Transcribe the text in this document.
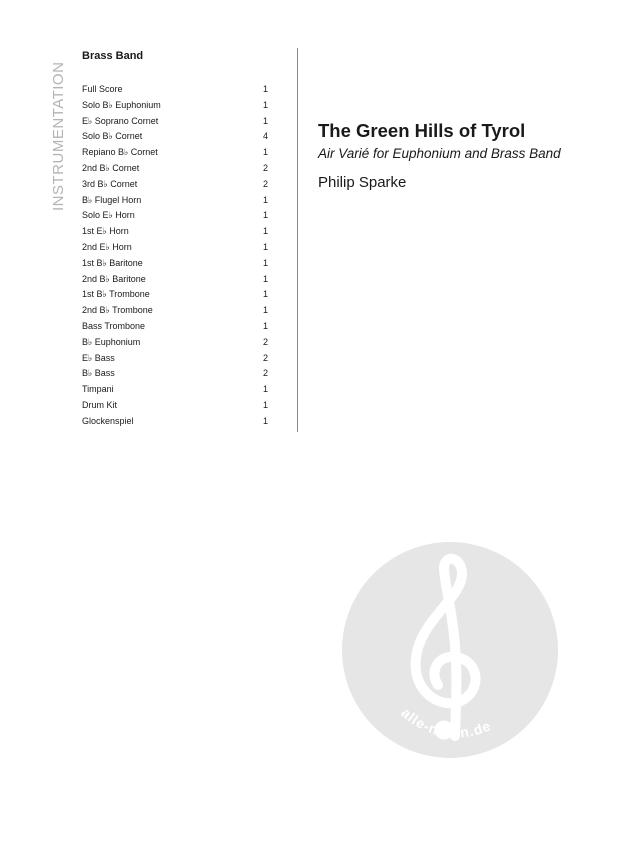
INSTRUMENTATION
Brass Band
Full Score	1
Solo B♭ Euphonium	1
E♭ Soprano Cornet	1
Solo B♭ Cornet	4
Repiano B♭ Cornet	1
2nd B♭ Cornet	2
3rd B♭ Cornet	2
B♭ Flugel Horn	1
Solo E♭ Horn	1
1st E♭ Horn	1
2nd E♭ Horn	1
1st B♭ Baritone	1
2nd B♭ Baritone	1
1st B♭ Trombone	1
2nd B♭ Trombone	1
Bass Trombone	1
B♭ Euphonium	2
E♭ Bass	2
B♭ Bass	2
Timpani	1
Drum Kit	1
Glockenspiel	1
The Green Hills of Tyrol
Air Varié for Euphonium and Brass Band
Philip Sparke
alle-noten.de
